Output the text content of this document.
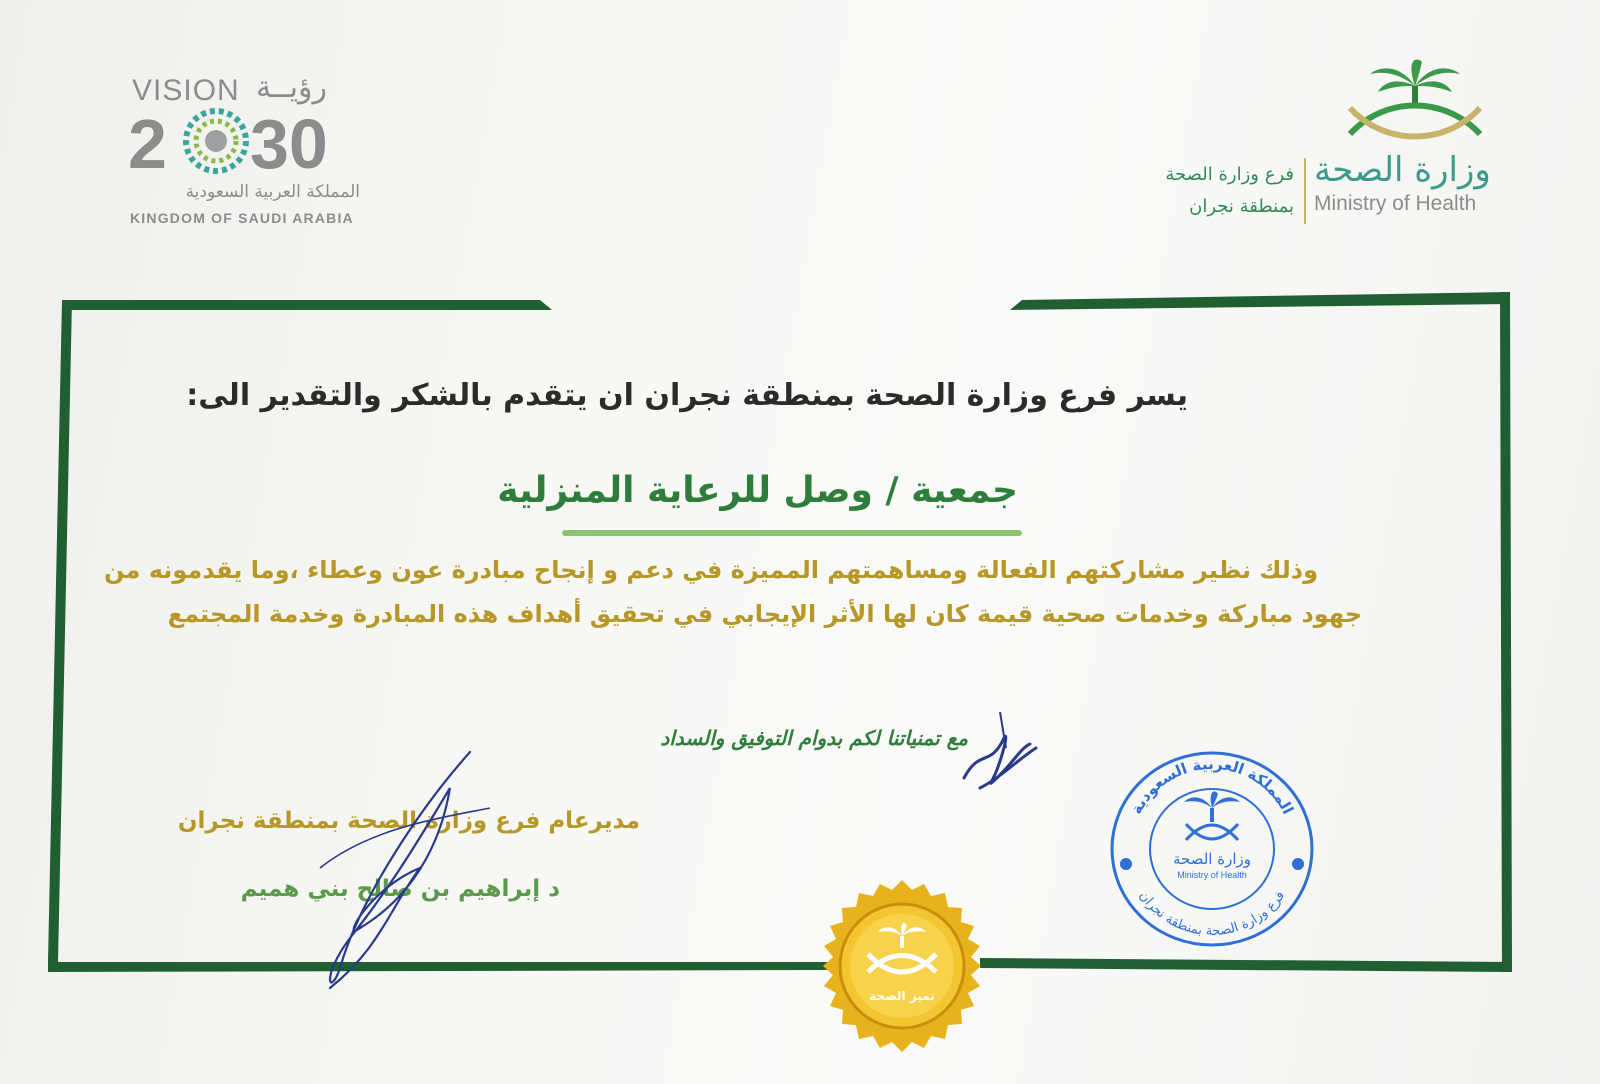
VISION رؤيــة
2 30
المملكة العربية السعودية
KINGDOM OF SAUDI ARABIA
وزارة الصحة
Ministry of Health
فرع وزارة الصحة
بمنطقة نجران
يسر فرع وزارة الصحة بمنطقة نجران ان يتقدم بالشكر والتقدير الى:
جمعية / وصل للرعاية المنزلية
وذلك نظير مشاركتهم الفعالة ومساهمتهم المميزة في دعم و إنجاح مبادرة عون وعطاء ،وما يقدمونه من
جهود مباركة وخدمات صحية قيمة كان لها الأثر الإيجابي في تحقيق أهداف هذه المبادرة وخدمة المجتمع
مع تمنياتنا لكم بدوام التوفيق والسداد
مديرعام فرع وزارة الصحة بمنطقة نجران
د إبراهيم بن صالح بني هميم
المملكة العربية السعودية
فرع وزارة الصحة بمنطقة نجران
وزارة الصحة
Ministry of Health
تميز الصحة
